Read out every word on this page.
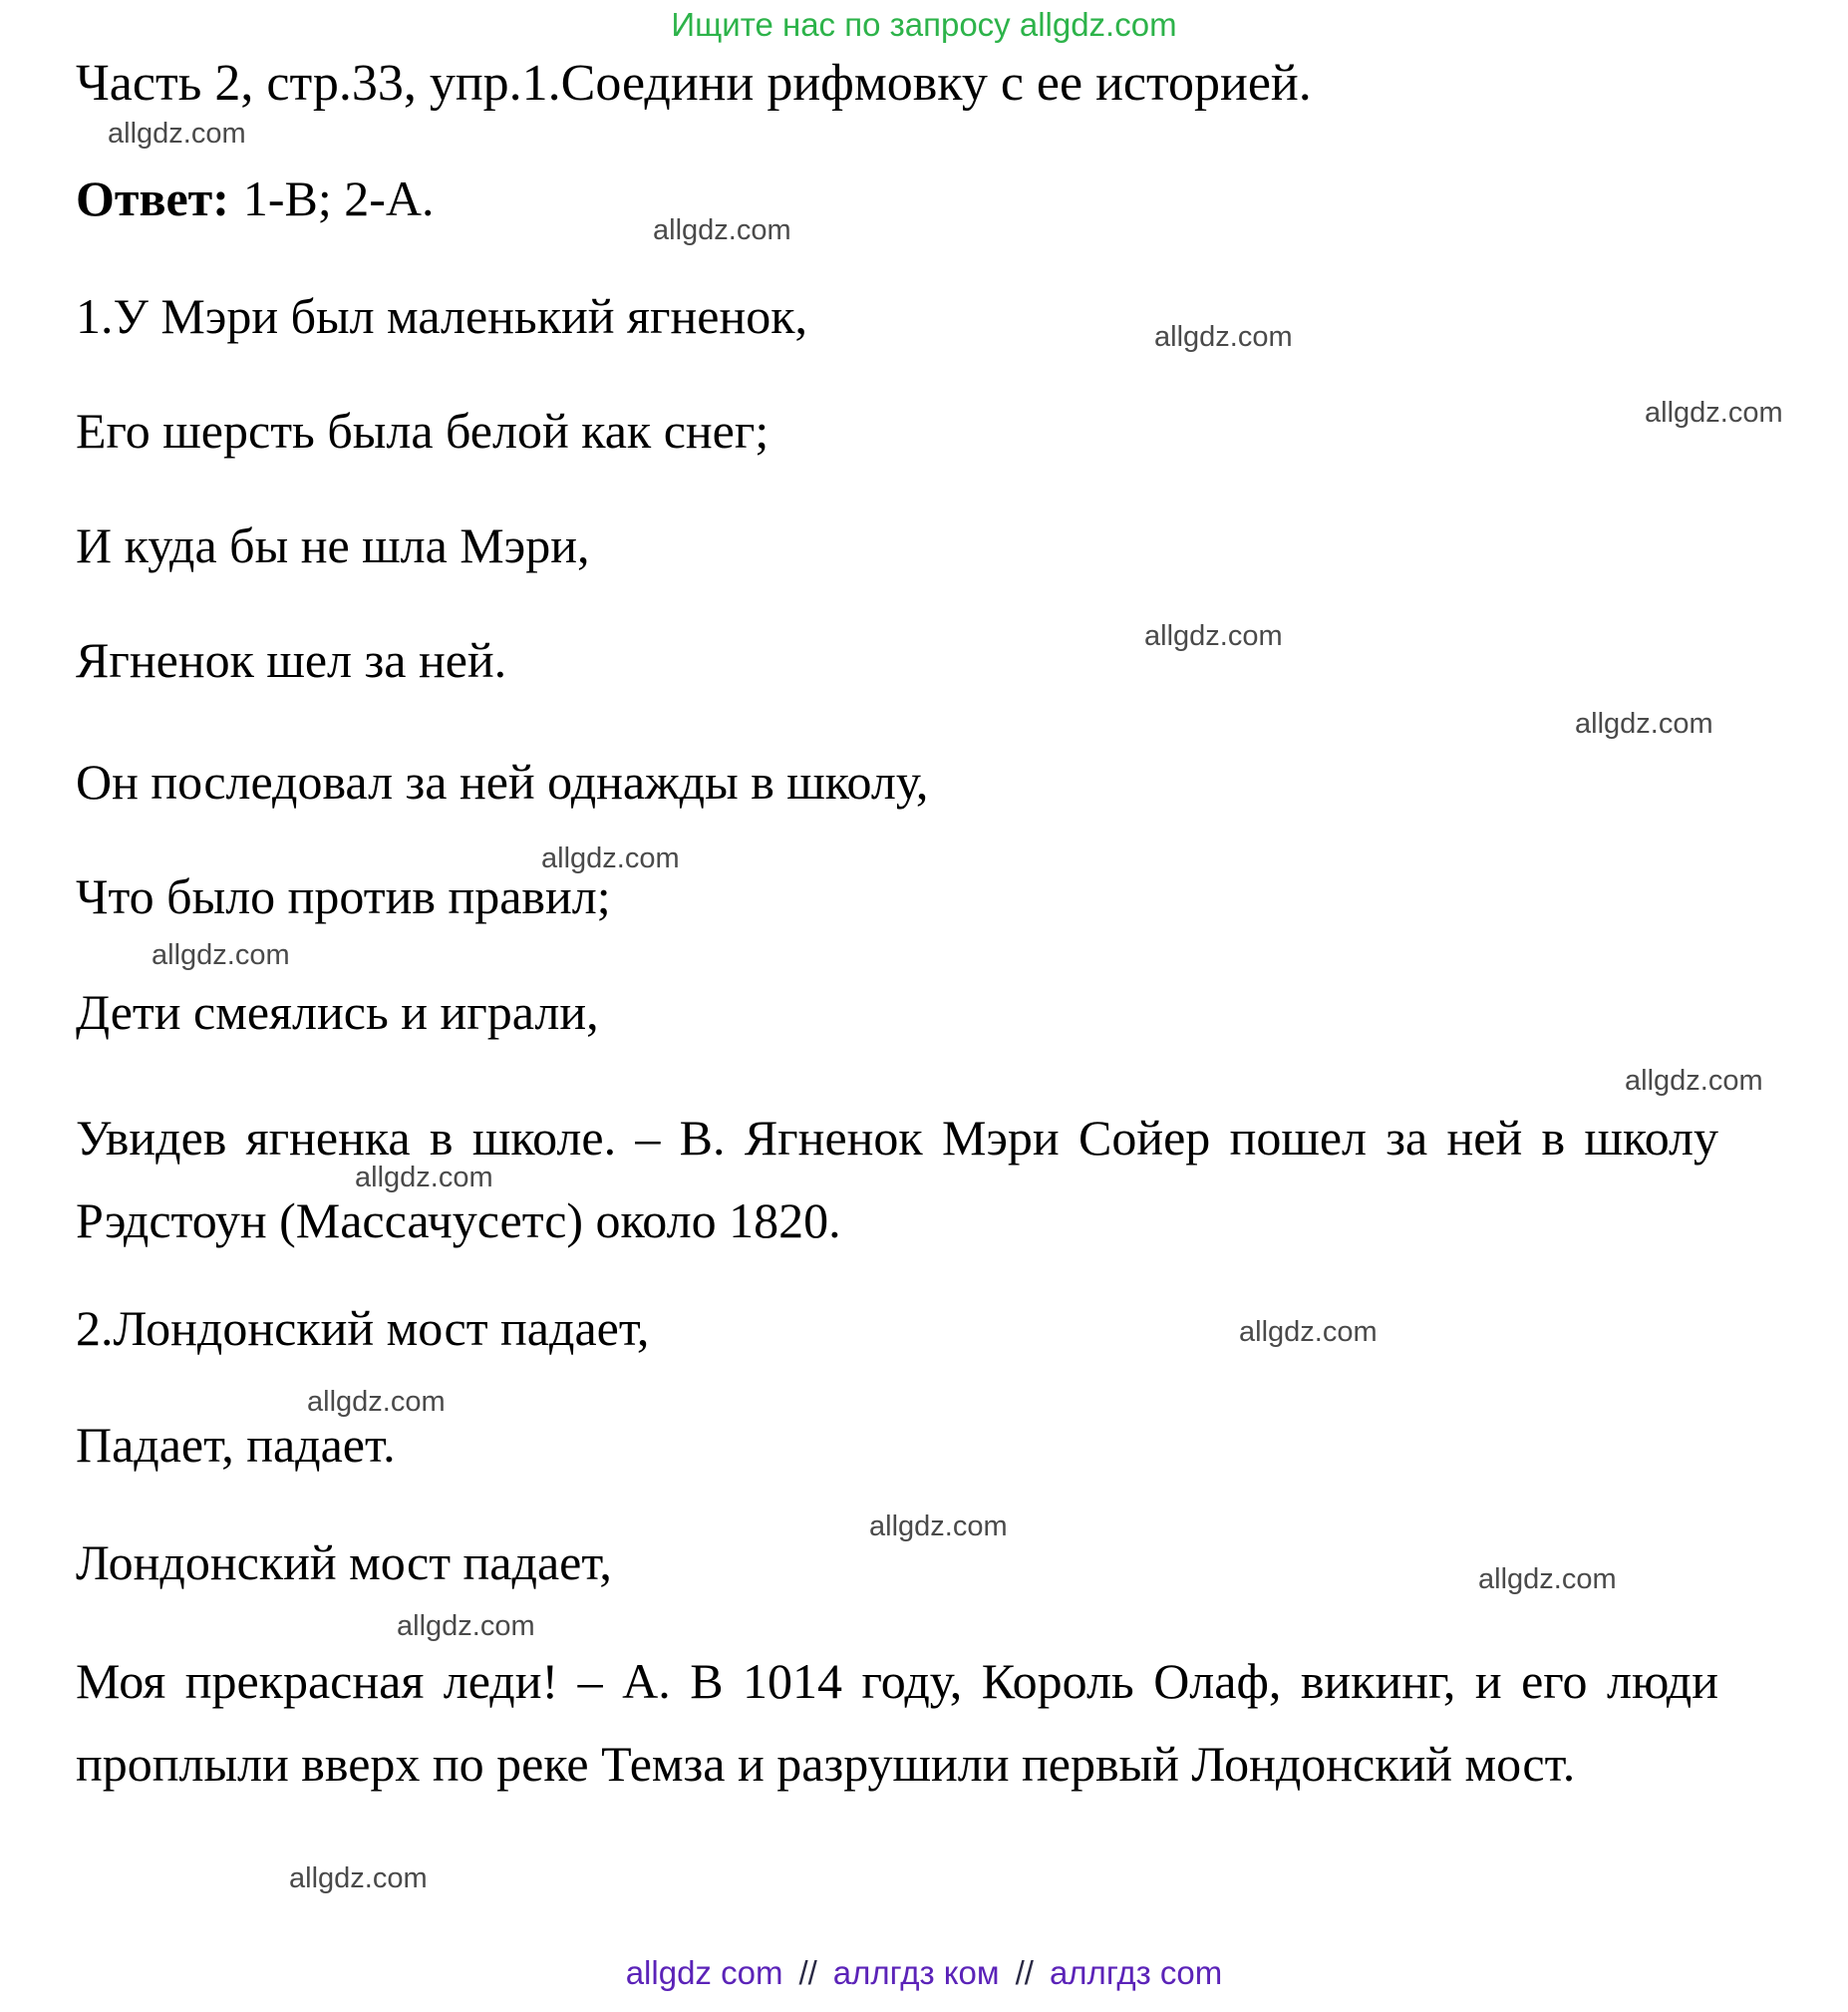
Ищите нас по запросу allgdz.com
Часть 2, стр.33, упр.1.Соедини рифмовку с ее историей.
Ответ: 1-B; 2-A.
1.У Мэри был маленький ягненок,
Его шерсть была белой как снег;
И куда бы не шла Мэри,
Ягненок шел за ней.
Он последовал за ней однажды в школу,
Что было против правил;
Дети смеялись и играли,
Увидев ягненка в школе. – В. Ягненок Мэри Сойер пошел за ней в школу Рэдстоун (Массачусетс) около 1820.
2.Лондонский мост падает,
Падает, падает.
Лондонский мост падает,
Моя прекрасная леди! – А. В 1014 году, Король Олаф, викинг, и его люди проплыли вверх по реке Темза и разрушили первый Лондонский мост.
allgdz.com
allgdz.com
allgdz.com
allgdz.com
allgdz.com
allgdz.com
allgdz.com
allgdz.com
allgdz.com
allgdz.com
allgdz.com
allgdz.com
allgdz.com
allgdz.com
allgdz.com
allgdz.com
allgdz com // аллгдз ком // аллгдз com
